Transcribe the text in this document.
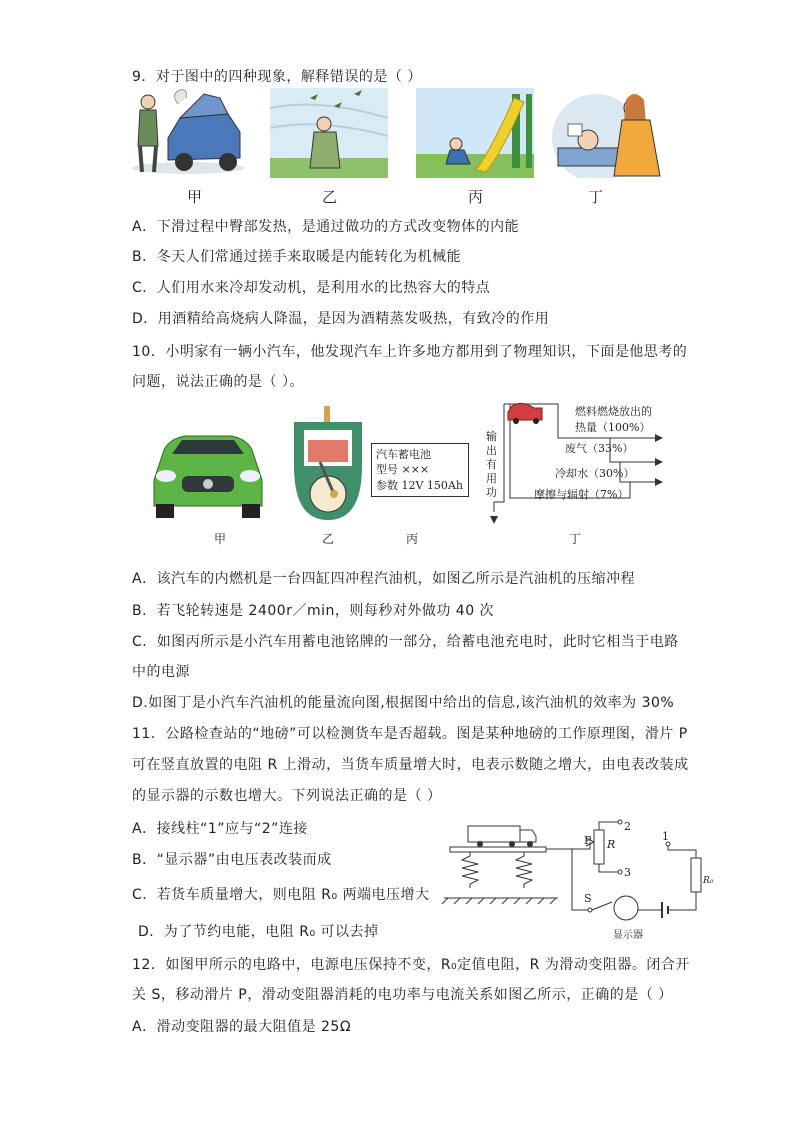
9．对于图中的四种现象，解释错误的是（ ）
甲	乙	丙	丁
A．下滑过程中臀部发热，是通过做功的方式改变物体的内能
B．冬天人们常通过搓手来取暖是内能转化为机械能
C．人们用水来冷却发动机，是利用水的比热容大的特点
D．用酒精给高烧病人降温，是因为酒精蒸发吸热，有致冷的作用
10．小明家有一辆小汽车，他发现汽车上许多地方都用到了物理知识，下面是他思考的
问题，说法正确的是（ ）。
甲	乙
汽车蓄电池
型号 ×××
参数 12V 150Ah
丙
燃料燃烧放出的
热量（100%）
废气（33%）
冷却水（30%）
摩擦与辐射（7%）
输
出
有
用
功
丁
A．该汽车的内燃机是一台四缸四冲程汽油机，如图乙所示是汽油机的压缩冲程
B．若飞轮转速是 2400r／min，则每秒对外做功 40 次
C．如图丙所示是小汽车用蓄电池铭牌的一部分，给蓄电池充电时，此时它相当于电路
中的电源
D.如图丁是小汽车汽油机的能量流向图,根据图中给出的信息,该汽油机的效率为 30%
11．公路检查站的“地磅”可以检测货车是否超载。图是某种地磅的工作原理图，滑片 P
可在竖直放置的电阻 R 上滑动，当货车质量增大时，电表示数随之增大，由电表改装成
的显示器的示数也增大。下列说法正确的是（ ）
A．接线柱“1”应与“2”连接
B．“显示器”由电压表改装而成
C．若货车质量增大，则电阻 R₀ 两端电压增大
D．为了节约电能，电阻 R₀ 可以去掉
P R
2
3
1
R₀
S
显示器
12．如图甲所示的电路中，电源电压保持不变，R₀定值电阻，R 为滑动变阻器。闭合开
关 S，移动滑片 P，滑动变阻器消耗的电功率与电流关系如图乙所示，正确的是（ ）
A．滑动变阻器的最大阻值是 25Ω
